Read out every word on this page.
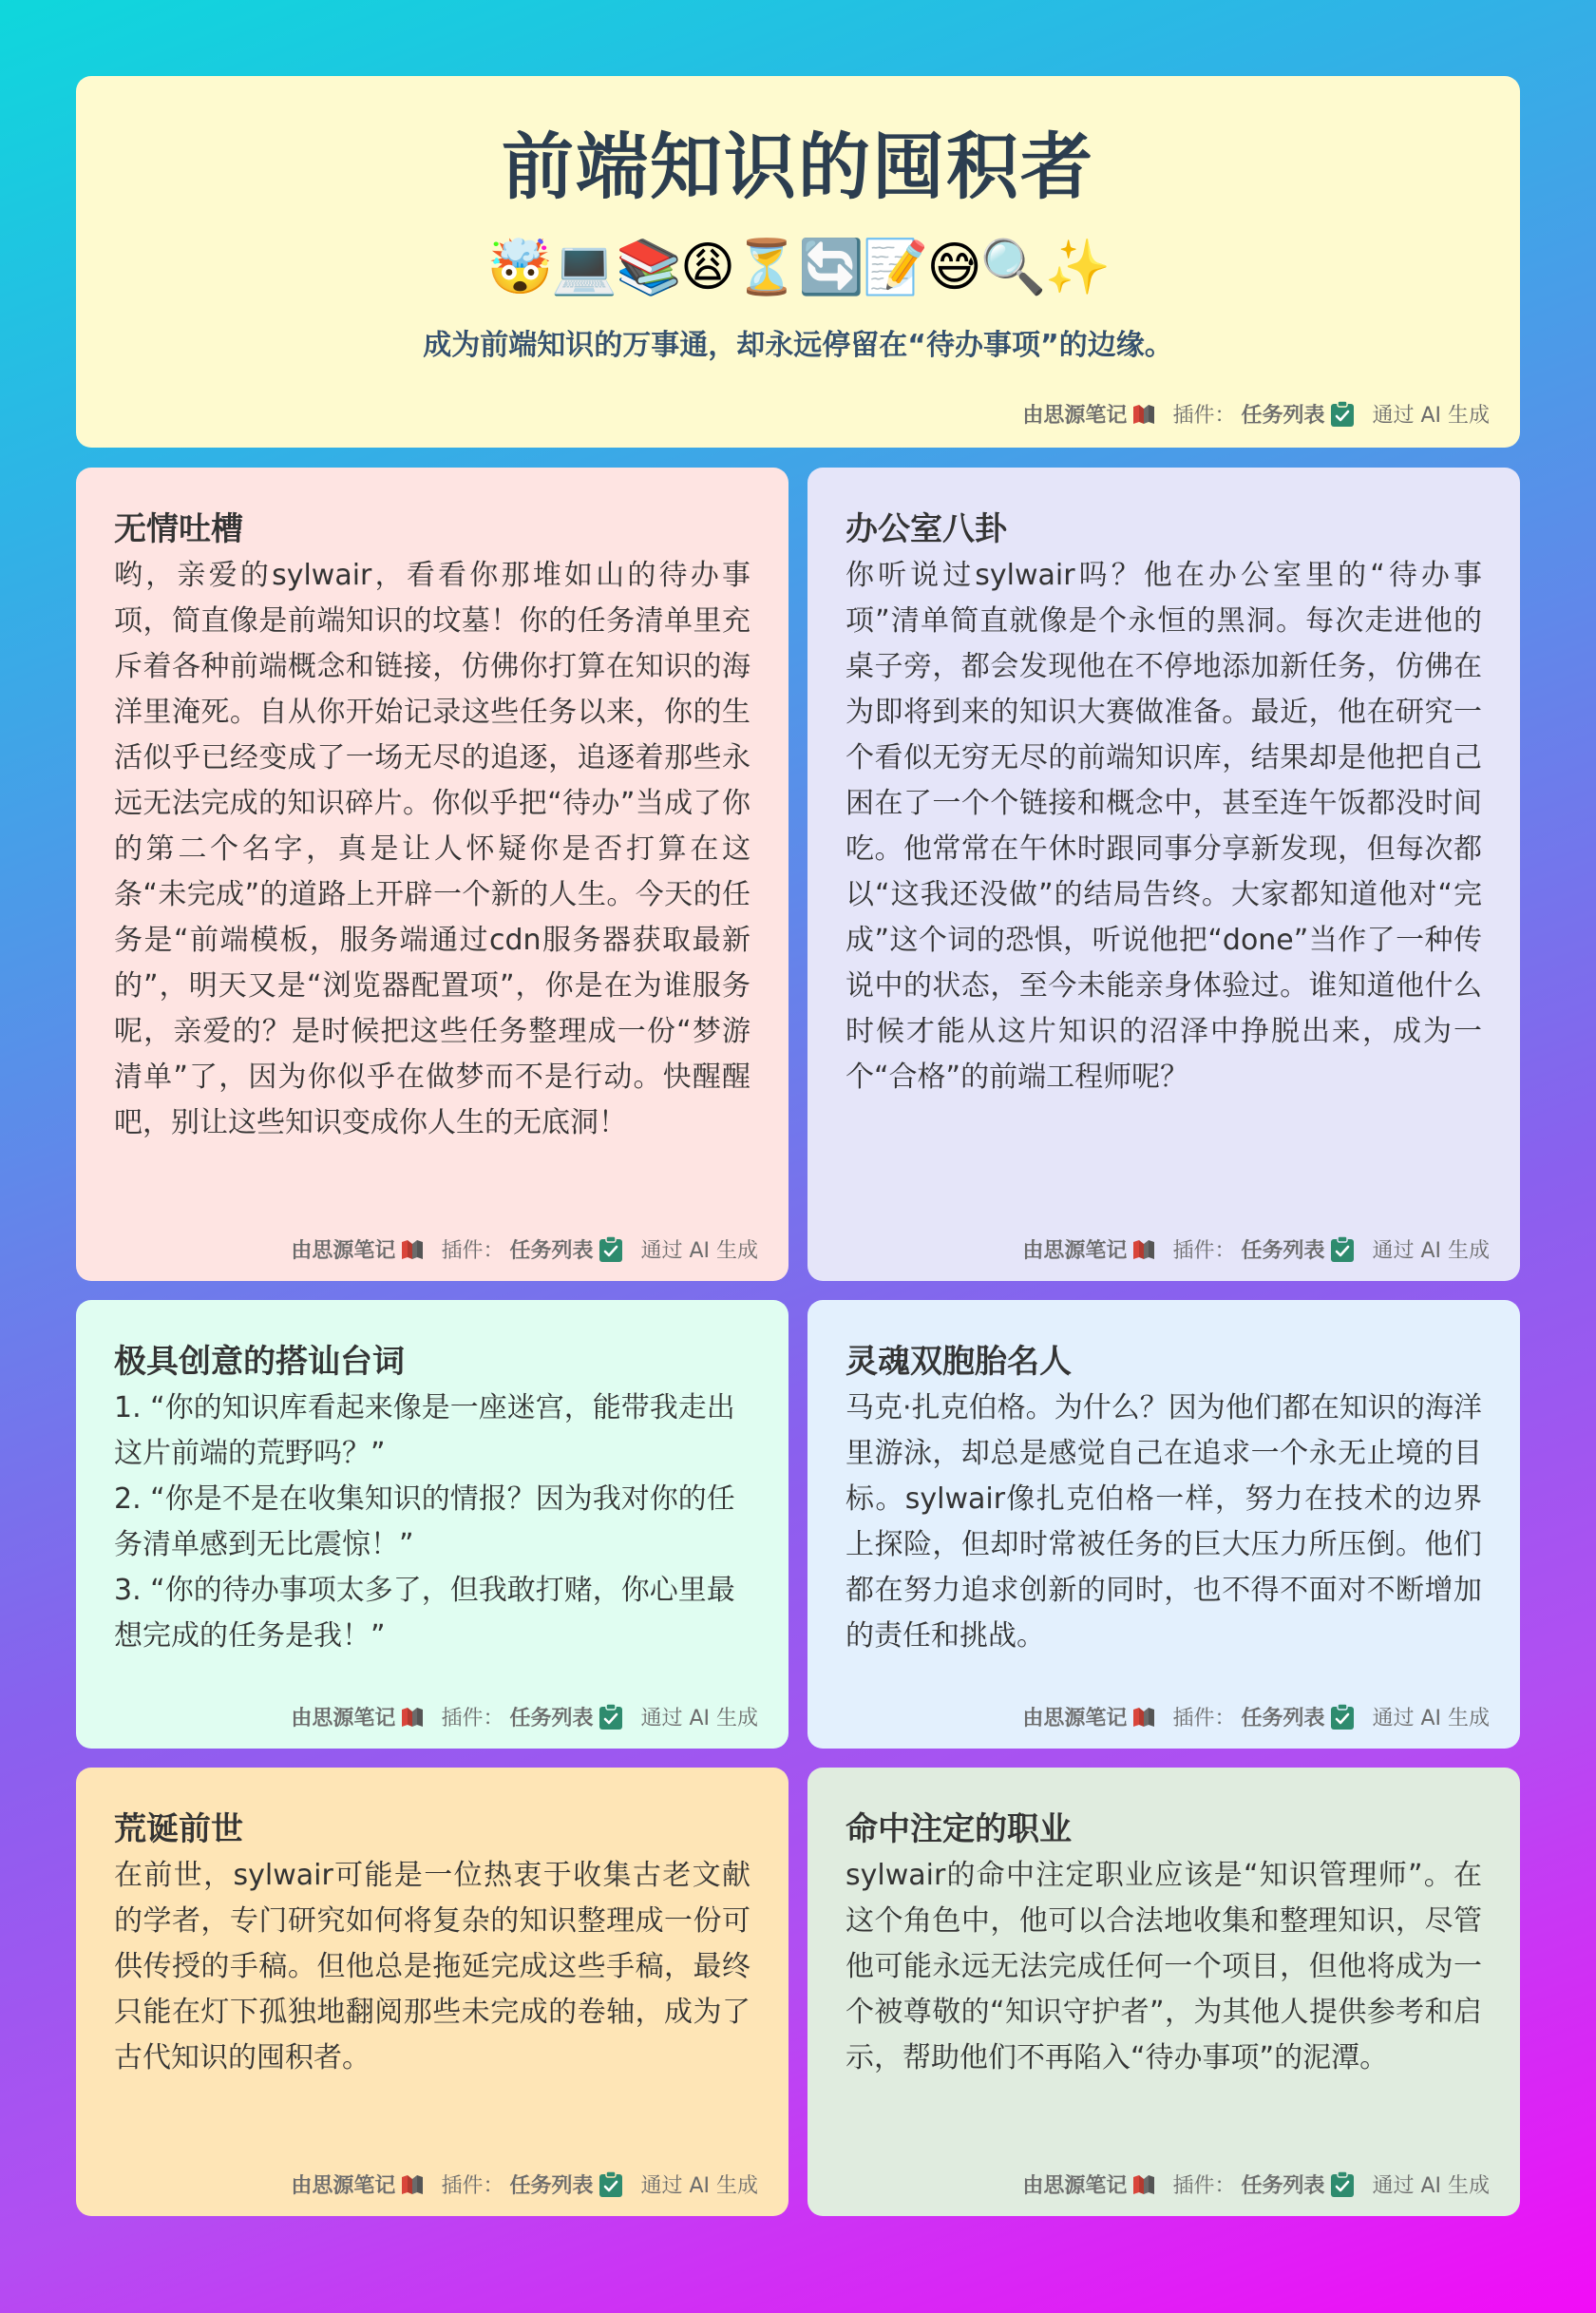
前端知识的囤积者
🤯💻📚😩⏳🔄📝😅🔍✨
成为前端知识的万事通，却永远停留在“待办事项”的边缘。
由思源笔记 插件： 任务列表 通过 AI 生成
无情吐槽

哟，亲爱的sylwair，看看你那堆如山的待办事项，简直像是前端知识的坟墓！你的任务清单里充斥着各种前端概念和链接，仿佛你打算在知识的海洋里淹死。自从你开始记录这些任务以来，你的生活似乎已经变成了一场无尽的追逐，追逐着那些永远无法完成的知识碎片。你似乎把“待办”当成了你的第二个名字，真是让人怀疑你是否打算在这条“未完成”的道路上开辟一个新的人生。今天的任务是“前端模板，服务端通过cdn服务器获取最新的”，明天又是“浏览器配置项”，你是在为谁服务呢，亲爱的？是时候把这些任务整理成一份“梦游清单”了，因为你似乎在做梦而不是行动。快醒醒吧，别让这些知识变成你人生的无底洞！

由思源笔记 插件： 任务列表 通过 AI 生成
办公室八卦

你听说过sylwair吗？他在办公室里的“待办事项”清单简直就像是个永恒的黑洞。每次走进他的桌子旁，都会发现他在不停地添加新任务，仿佛在为即将到来的知识大赛做准备。最近，他在研究一个看似无穷无尽的前端知识库，结果却是他把自己困在了一个个链接和概念中，甚至连午饭都没时间吃。他常常在午休时跟同事分享新发现，但每次都以“这我还没做”的结局告终。大家都知道他对“完成”这个词的恐惧，听说他把“done”当作了一种传说中的状态，至今未能亲身体验过。谁知道他什么时候才能从这片知识的沼泽中挣脱出来，成为一个“合格”的前端工程师呢？

由思源笔记 插件： 任务列表 通过 AI 生成
极具创意的搭讪台词

1. “你的知识库看起来像是一座迷宫，能带我走出这片前端的荒野吗？”

2. “你是不是在收集知识的情报？因为我对你的任务清单感到无比震惊！”

3. “你的待办事项太多了，但我敢打赌，你心里最想完成的任务是我！”

由思源笔记 插件： 任务列表 通过 AI 生成
灵魂双胞胎名人

马克·扎克伯格。为什么？因为他们都在知识的海洋里游泳，却总是感觉自己在追求一个永无止境的目标。sylwair像扎克伯格一样，努力在技术的边界上探险，但却时常被任务的巨大压力所压倒。他们都在努力追求创新的同时，也不得不面对不断增加的责任和挑战。

由思源笔记 插件： 任务列表 通过 AI 生成
荒诞前世

在前世，sylwair可能是一位热衷于收集古老文献的学者，专门研究如何将复杂的知识整理成一份可供传授的手稿。但他总是拖延完成这些手稿，最终只能在灯下孤独地翻阅那些未完成的卷轴，成为了古代知识的囤积者。

由思源笔记 插件： 任务列表 通过 AI 生成
命中注定的职业

sylwair的命中注定职业应该是“知识管理师”。在这个角色中，他可以合法地收集和整理知识，尽管他可能永远无法完成任何一个项目，但他将成为一个被尊敬的“知识守护者”，为其他人提供参考和启示，帮助他们不再陷入“待办事项”的泥潭。

由思源笔记 插件： 任务列表 通过 AI 生成
